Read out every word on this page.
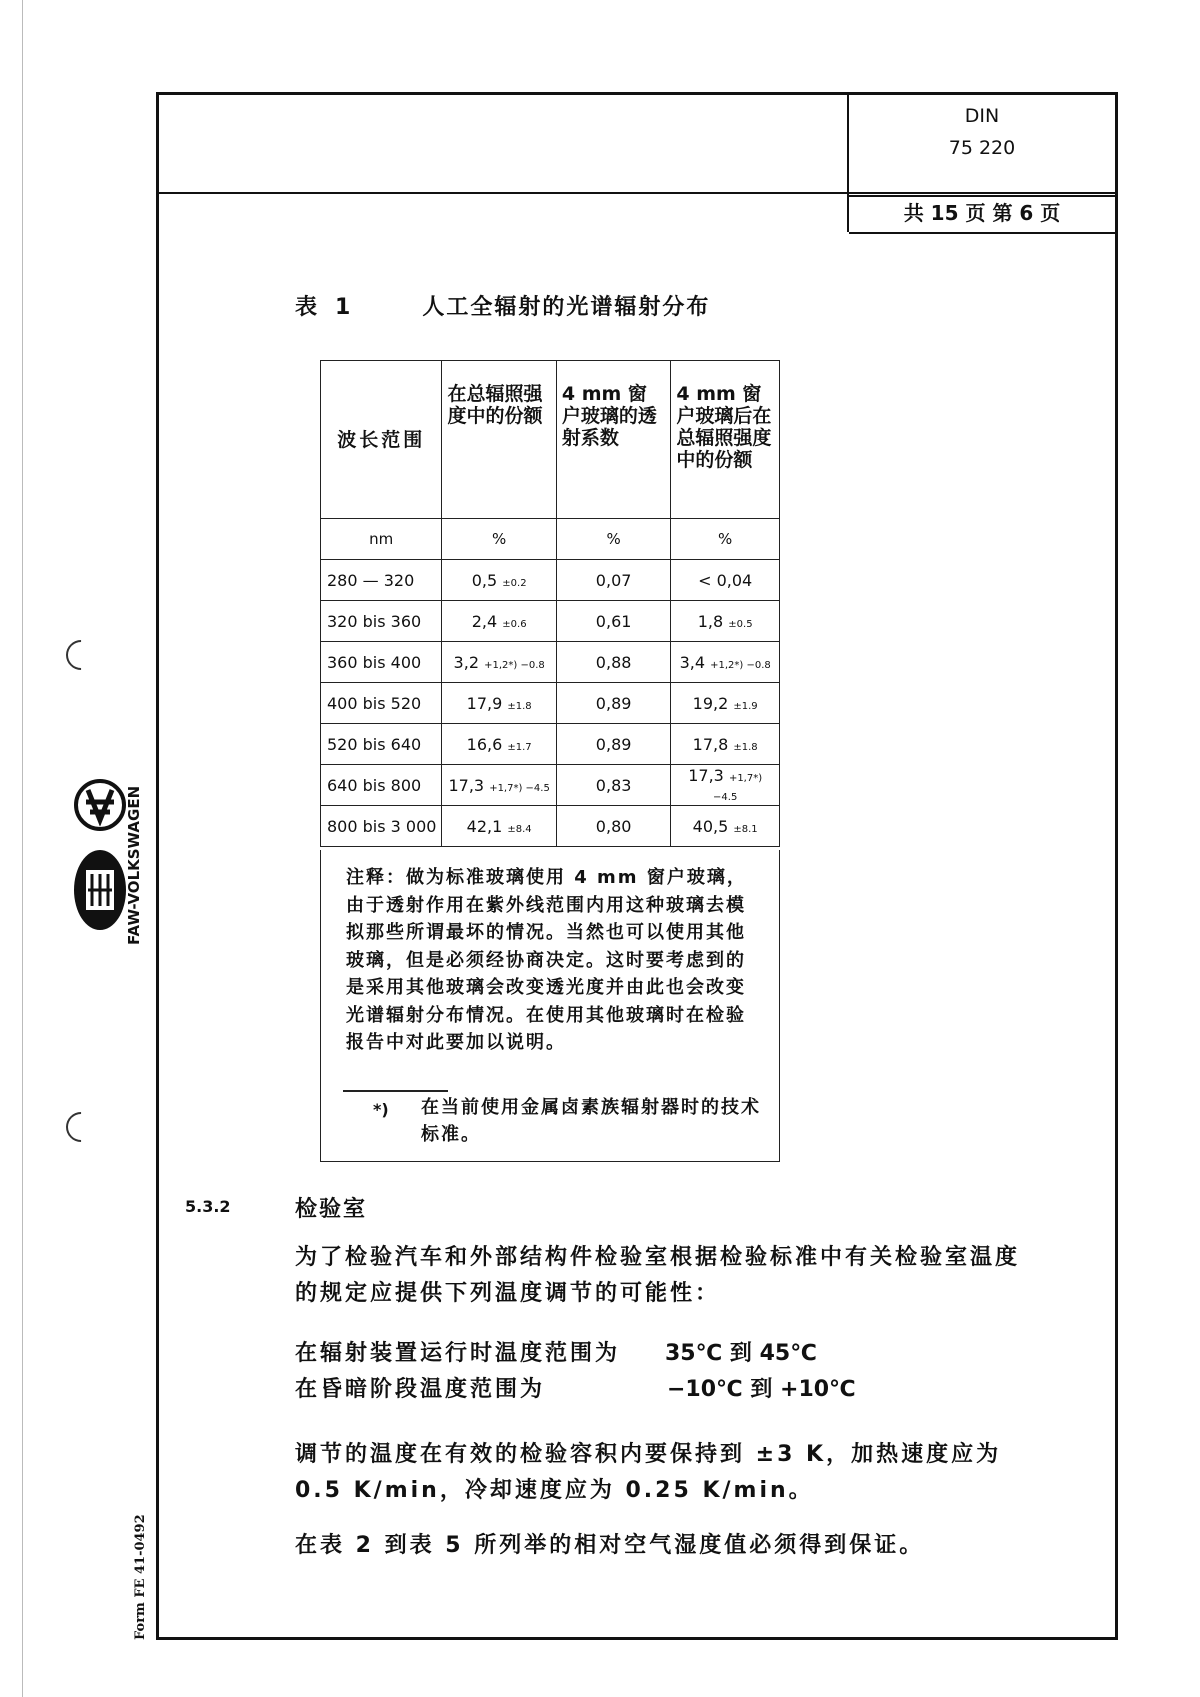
FAW-VOLKSWAGEN
Form FE 41-0492
DIN
75 220
共 15 页 第 6 页
表 1	人工全辐射的光谱辐射分布
波长范围	在总辐照强度中的份额	4 mm 窗户玻璃的透射系数	4 mm 窗户玻璃后在总辐照强度中的份额
nm	%	%	%
280 — 320	0,5 ±0.2	0,07	< 0,04
320 bis 360	2,4 ±0.6	0,61	1,8 ±0.5
360 bis 400	3,2 +1,2*) −0.8	0,88	3,4 +1,2*) −0.8
400 bis 520	17,9 ±1.8	0,89	19,2 ±1.9
520 bis 640	16,6 ±1.7	0,89	17,8 ±1.8
640 bis 800	17,3 +1,7*) −4.5	0,83	17,3 +1,7*) −4.5
800 bis 3 000	42,1 ±8.4	0,80	40,5 ±8.1
注释：做为标准玻璃使用 4 mm 窗户玻璃，由于透射作用在紫外线范围内用这种玻璃去模拟那些所谓最坏的情况。当然也可以使用其他玻璃，但是必须经协商决定。这时要考虑到的是采用其他玻璃会改变透光度并由此也会改变光谱辐射分布情况。在使用其他玻璃时在检验报告中对此要加以说明。
*) 在当前使用金属卤素族辐射器时的技术标准。
5.3.2	检验室
为了检验汽车和外部结构件检验室根据检验标准中有关检验室温度的规定应提供下列温度调节的可能性：
在辐射装置运行时温度范围为 35℃ 到 45℃
在昏暗阶段温度范围为	−10℃ 到 +10℃
调节的温度在有效的检验容积内要保持到 ±3 K，加热速度应为 0.5 K/min，冷却速度应为 0.25 K/min。
在表 2 到表 5 所列举的相对空气湿度值必须得到保证。
